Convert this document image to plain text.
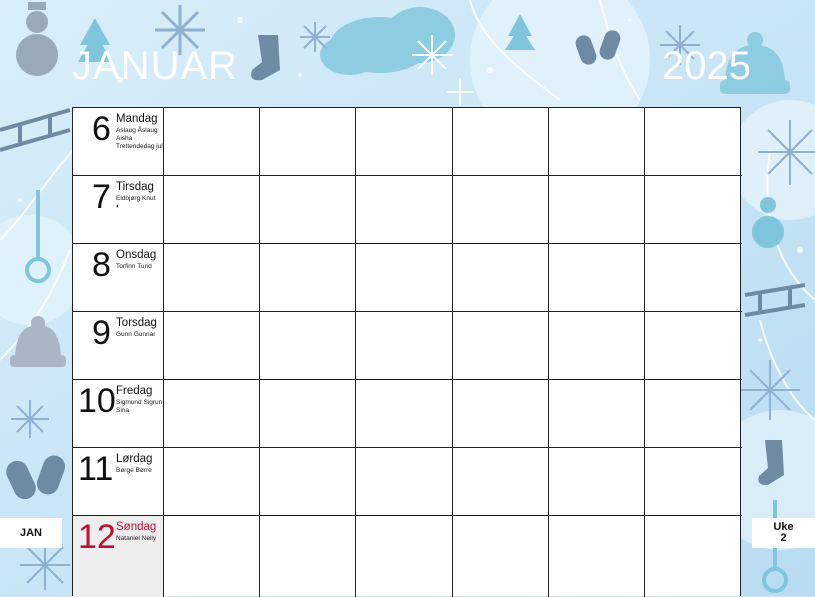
JANUAR	2025
6 Mandag
Aslaug Åslaug
Aisha
Trettendedag jul
7 Tirsdag
Eldbjørg Knut
◐
8 Onsdag
Torfinn Turid
9 Torsdag
Gunn Gunnar
10 Fredag
Sigmund Sigrun
Sina
11 Lørdag
Børge Børre
12 Søndag
Nataniel Nelly
JAN	Uke
2
